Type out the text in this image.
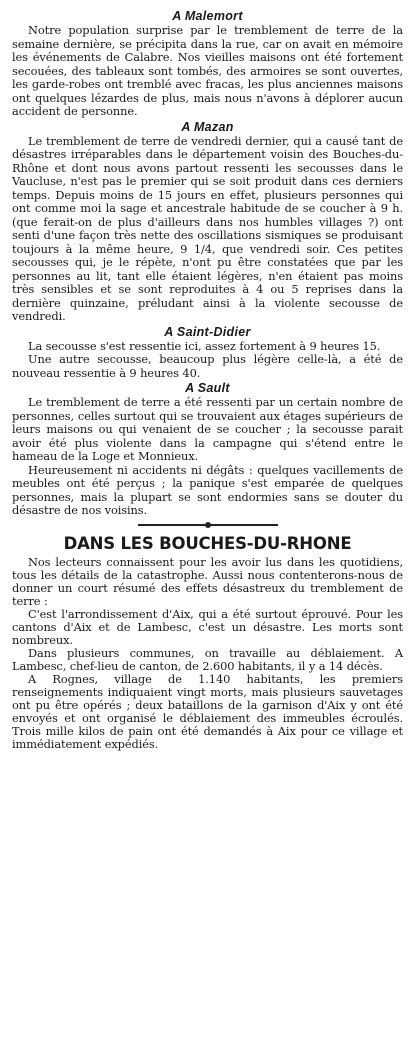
A Malemort

Notre population surprise par le tremblement de terre de la semaine dernière, se précipita dans la rue, car on avait en mémoire les événements de Calabre. Nos vieilles maisons ont été fortement secouées, des tableaux sont tombés, des armoires se sont ouvertes, les garde-robes ont tremblé avec fracas, les plus anciennes maisons ont quelques lézardes de plus, mais nous n'avons à déplorer aucun accident de personne.

A Mazan

Le tremblement de terre de vendredi dernier, qui a causé tant de désastres irréparables dans le département voisin des Bouches-du-Rhône et dont nous avons partout ressenti les secousses dans le Vaucluse, n'est pas le premier qui se soit produit dans ces derniers temps. Depuis moins de 15 jours en effet, plusieurs personnes qui ont comme moi la sage et ancestrale habitude de se coucher à 9 h. (que ferait-on de plus d'ailleurs dans nos humbles villages ?) ont senti d'une façon très nette des oscillations sismiques se produisant toujours à la même heure, 9 1/4, que vendredi soir. Ces petites secousses qui, je le répète, n'ont pu être constatées que par les personnes au lit, tant elle étaient légères, n'en étaient pas moins très sensibles et se sont reproduites à 4 ou 5 reprises dans la dernière quinzaine, préludant ainsi à la violente secousse de vendredi.

A Saint-Didier

La secousse s'est ressentie ici, assez fortement à 9 heures 15.

Une autre secousse, beaucoup plus légère celle-là, a été de nouveau ressentie à 9 heures 40.

A Sault

Le tremblement de terre a été ressenti par un certain nombre de personnes, celles surtout qui se trouvaient aux étages supérieurs de leurs maisons ou qui venaient de se coucher ; la secousse parait avoir été plus violente dans la campagne qui s'étend entre le hameau de la Loge et Monnieux.

Heureusement ni accidents ni dégâts : quelques vacillements de meubles ont été perçus ; la panique s'est emparée de quelques personnes, mais la plupart se sont endormies sans se douter du désastre de nos voisins.

DANS LES BOUCHES-DU-RHONE

Nos lecteurs connaissent pour les avoir lus dans les quotidiens, tous les détails de la catastrophe. Aussi nous contenterons-nous de donner un court résumé des effets désastreux du tremblement de terre :

C'est l'arrondissement d'Aix, qui a été surtout éprouvé. Pour les cantons d'Aix et de Lambesc, c'est un désastre. Les morts sont nombreux.

Dans plusieurs communes, on travaille au déblaiement. A Lambesc, chef-lieu de canton, de 2.600 habitants, il y a 14 décès.

A Rognes, village de 1.140 habitants, les premiers renseignements indiquaient vingt morts, mais plusieurs sauvetages ont pu être opérés ; deux bataillons de la garnison d'Aix y ont été envoyés et ont organisé le déblaiement des immeubles écroulés. Trois mille kilos de pain ont été demandés à Aix pour ce village et immédiatement expédiés.
